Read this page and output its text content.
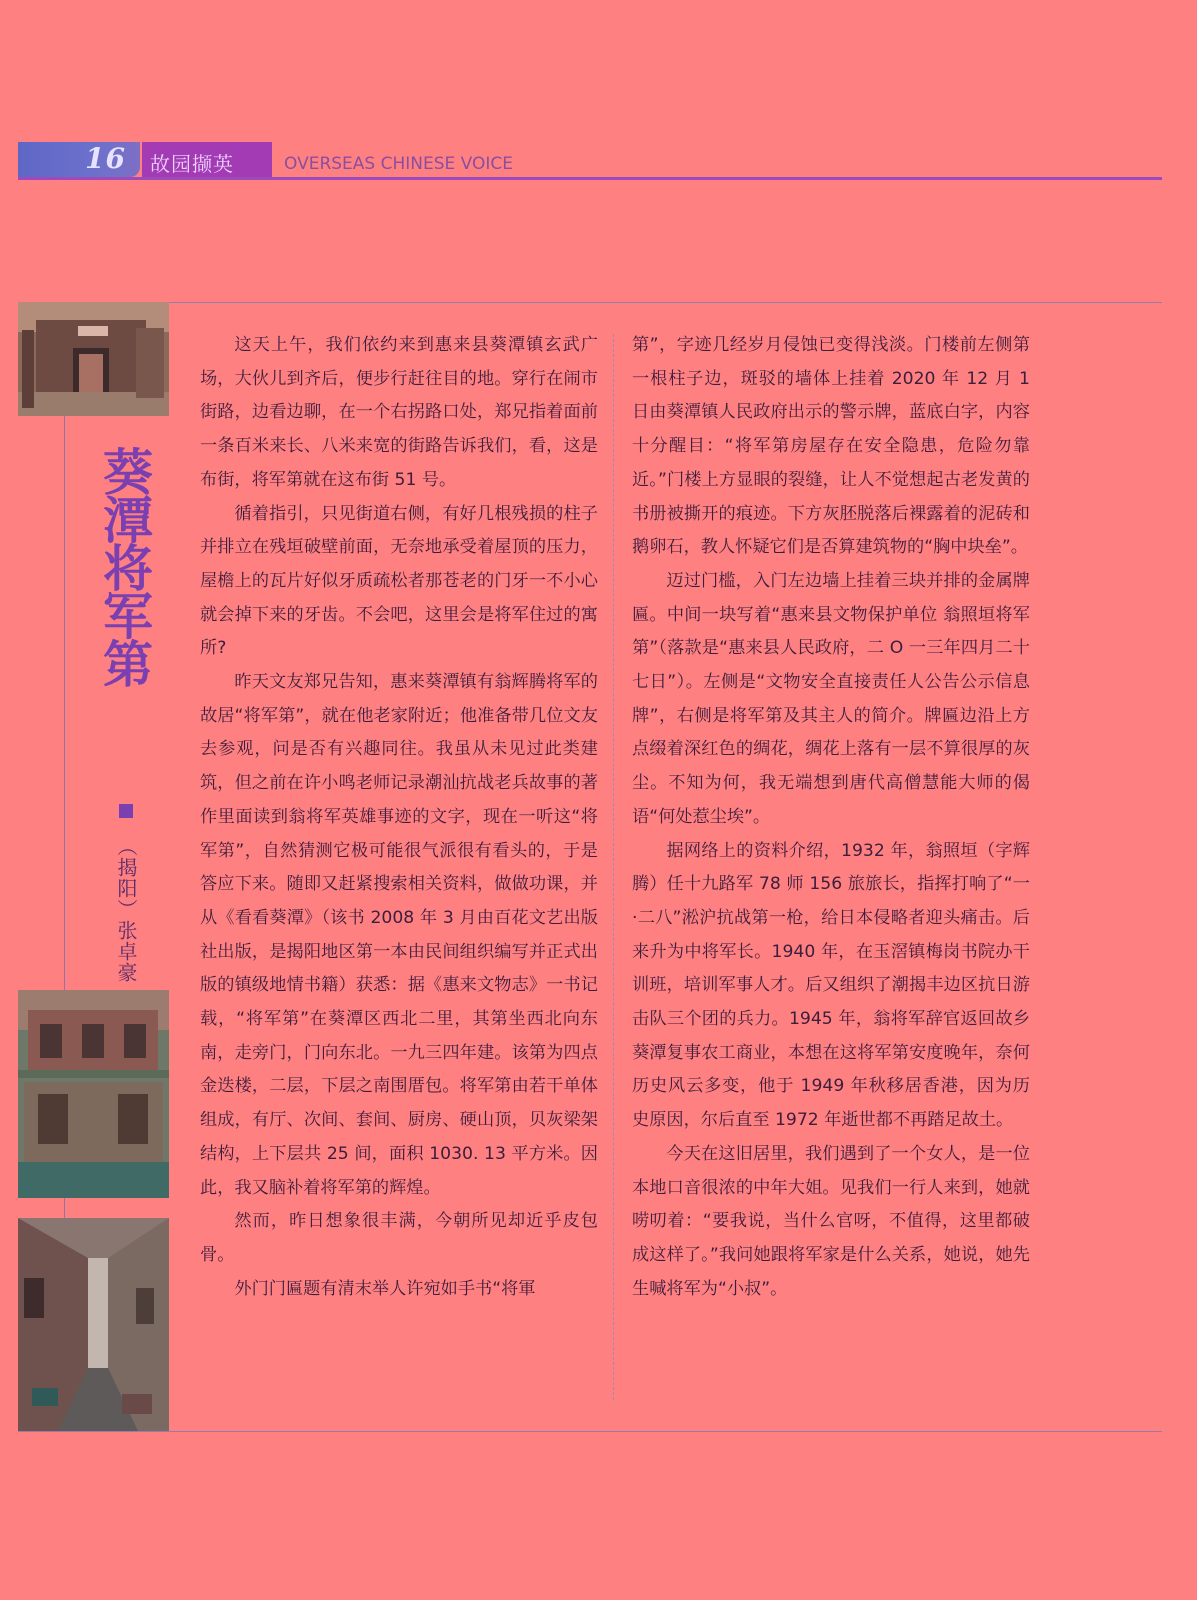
16 故园撷英	OVERSEAS CHINESE VOICE
葵潭将军第
（揭阳）张卓豪

这天上午，我们依约来到惠来县葵潭镇玄武广场，大伙儿到齐后，便步行赶往目的地。穿行在闹市街路，边看边聊，在一个右拐路口处，郑兄指着面前一条百米来长、八米来宽的街路告诉我们，看，这是布街，将军第就在这布街 51 号。

循着指引，只见街道右侧，有好几根残损的柱子并排立在残垣破壁前面，无奈地承受着屋顶的压力，屋檐上的瓦片好似牙质疏松者那苍老的门牙一不小心就会掉下来的牙齿。不会吧，这里会是将军住过的寓所?

昨天文友郑兄告知，惠来葵潭镇有翁辉腾将军的故居“将军第”，就在他老家附近；他准备带几位文友去参观，问是否有兴趣同往。我虽从未见过此类建筑，但之前在许小鸣老师记录潮汕抗战老兵故事的著作里面读到翁将军英雄事迹的文字，现在一听这“将军第”，自然猜测它极可能很气派很有看头的，于是答应下来。随即又赶紧搜索相关资料，做做功课，并从《看看葵潭》（该书 2008 年 3 月由百花文艺出版社出版，是揭阳地区第一本由民间组织编写并正式出版的镇级地情书籍）获悉：据《惠来文物志》一书记载，“将军第”在葵潭区西北二里，其第坐西北向东南，走旁门，门向东北。一九三四年建。该第为四点金迭楼，二层，下层之南围厝包。将军第由若干单体组成，有厅、次间、套间、厨房、硬山顶，贝灰梁架结构，上下层共 25 间，面积 1030. 13 平方米。因此，我又脑补着将军第的辉煌。

然而，昨日想象很丰满，今朝所见却近乎皮包骨。

外门门匾题有清末举人许宛如手书“将軍

第”，字迹几经岁月侵蚀已变得浅淡。门楼前左侧第一根柱子边，斑驳的墙体上挂着 2020 年 12 月 1 日由葵潭镇人民政府出示的警示牌，蓝底白字，内容十分醒目：“将军第房屋存在安全隐患，危险勿靠近。”门楼上方显眼的裂缝，让人不觉想起古老发黄的书册被撕开的痕迹。下方灰胚脱落后裸露着的泥砖和鹅卵石，教人怀疑它们是否算建筑物的“胸中块垒”。

迈过门槛，入门左边墙上挂着三块并排的金属牌匾。中间一块写着“惠来县文物保护单位 翁照垣将军第”（落款是“惠来县人民政府，二 O 一三年四月二十七日”）。左侧是“文物安全直接责任人公告公示信息牌”，右侧是将军第及其主人的简介。牌匾边沿上方点缀着深红色的绸花，绸花上落有一层不算很厚的灰尘。不知为何，我无端想到唐代高僧慧能大师的偈语“何处惹尘埃”。

据网络上的资料介绍，1932 年，翁照垣（字辉腾）任十九路军 78 师 156 旅旅长，指挥打响了“一·二八”淞沪抗战第一枪，给日本侵略者迎头痛击。后来升为中将军长。1940 年，在玉滘镇梅岗书院办干训班，培训军事人才。后又组织了潮揭丰边区抗日游击队三个团的兵力。1945 年，翁将军辞官返回故乡葵潭复事农工商业，本想在这将军第安度晚年，奈何历史风云多变，他于 1949 年秋移居香港，因为历史原因，尔后直至 1972 年逝世都不再踏足故土。

今天在这旧居里，我们遇到了一个女人，是一位本地口音很浓的中年大姐。见我们一行人来到，她就唠叨着：“要我说，当什么官呀，不值得，这里都破成这样了。”我问她跟将军家是什么关系，她说，她先生喊将军为“小叔”。
